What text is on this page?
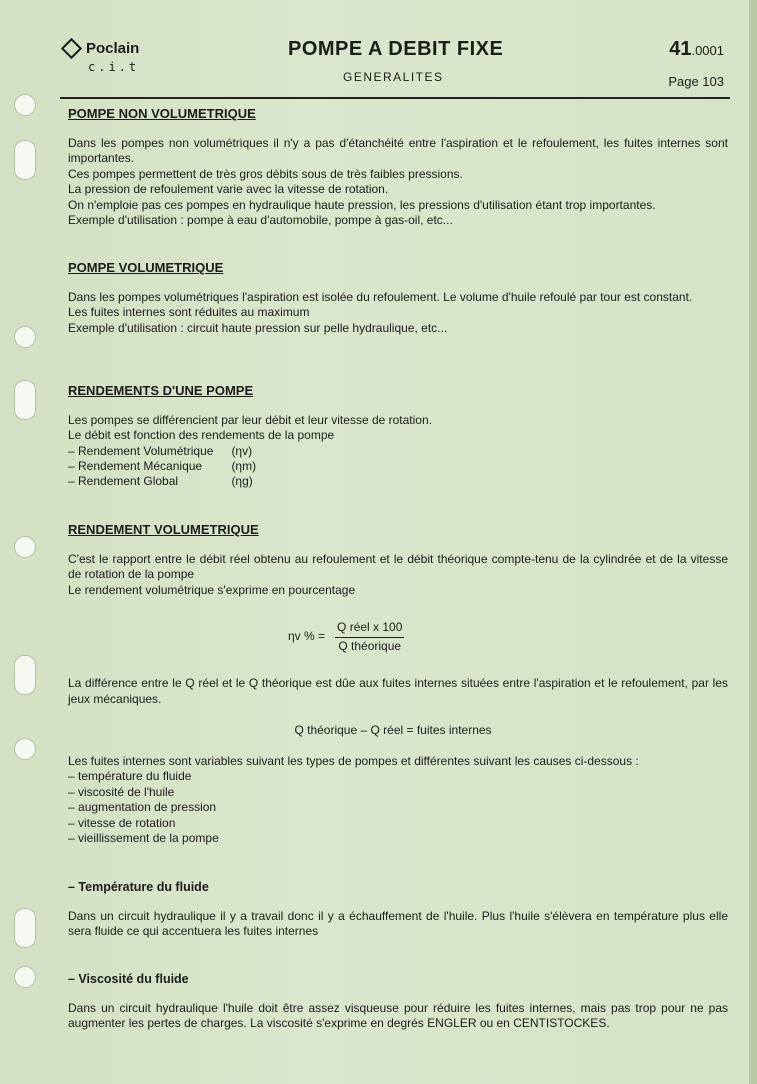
Poclain
c.i.t
POMPE A DEBIT FIXE
GENERALITES
41.0001
Page 103
POMPE NON VOLUMETRIQUE

Dans les pompes non volumétriques il n'y a pas d'étanchéité entre l'aspiration et le refoulement, les fuites internes sont importantes.

Ces pompes permettent de très gros débits sous de très faibles pressions.

La pression de refoulement varie avec la vitesse de rotation.

On n'emploie pas ces pompes en hydraulique haute pression, les pressions d'utilisation étant trop importantes.

Exemple d'utilisation : pompe à eau d'automobile, pompe à gas-oil, etc...

POMPE VOLUMETRIQUE

Dans les pompes volumétriques l'aspiration est isolée du refoulement. Le volume d'huile refoulé par tour est constant.

Les fuites internes sont réduites au maximum

Exemple d'utilisation : circuit haute pression sur pelle hydraulique, etc...

RENDEMENTS D'UNE POMPE

Les pompes se différencient par leur débit et leur vitesse de rotation.

Le débit est fonction des rendements de la pompe

– Rendement Volumétrique	(ηv)
– Rendement Mécanique	(ηm)
– Rendement Global	(ηg)
RENDEMENT VOLUMETRIQUE

C'est le rapport entre le débit réel obtenu au refoulement et le débit théorique compte-tenu de la cylindrée et de la vitesse de rotation de la pompe

Le rendement volumétrique s'exprime en pourcentage

ηv % = $\frac{\text{Q réel x 100}}{\text{Q théorique}}$

La différence entre le Q réel et le Q théorique est dûe aux fuites internes situées entre l'aspiration et le refoulement, par les jeux mécaniques.

Q théorique – Q réel = fuites internes

Les fuites internes sont variables suivant les types de pompes et différentes suivant les causes ci-dessous :

– température du fluide
– viscosité de l'huile
– augmentation de pression
– vitesse de rotation
– vieillissement de la pompe
– Température du fluide

Dans un circuit hydraulique il y a travail donc il y a échauffement de l'huile. Plus l'huile s'élèvera en température plus elle sera fluide ce qui accentuera les fuites internes

– Viscosité du fluide

Dans un circuit hydraulique l'huile doit être assez visqueuse pour réduire les fuites internes, mais pas trop pour ne pas augmenter les pertes de charges. La viscosité s'exprime en degrés ENGLER ou en CENTISTOCKES.
